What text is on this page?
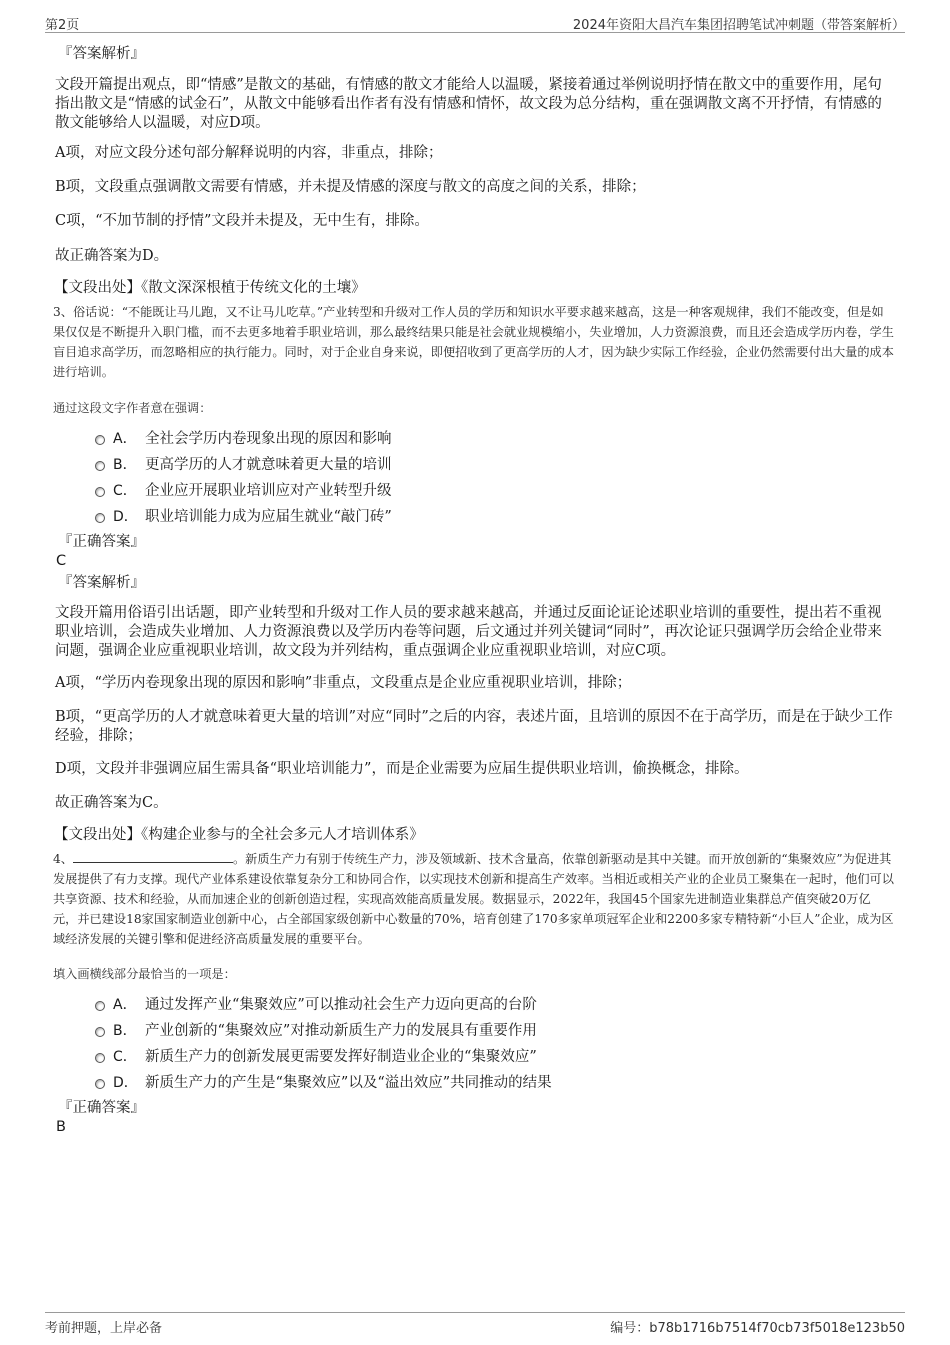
第2页	2024年资阳大昌汽车集团招聘笔试冲刺题（带答案解析）
『答案解析』

文段开篇提出观点，即“情感”是散文的基础，有情感的散文才能给人以温暖，紧接着通过举例说明抒情在散文中的重要作用，尾句指出散文是“情感的试金石”，从散文中能够看出作者有没有情感和情怀，故文段为总分结构，重在强调散文离不开抒情，有情感的散文能够给人以温暖，对应D项。

A项，对应文段分述句部分解释说明的内容，非重点，排除；

B项，文段重点强调散文需要有情感，并未提及情感的深度与散文的高度之间的关系，排除；

C项，“不加节制的抒情”文段并未提及，无中生有，排除。

故正确答案为D。

【文段出处】《散文深深根植于传统文化的土壤》
3、俗话说：“不能既让马儿跑，又不让马儿吃草。”产业转型和升级对工作人员的学历和知识水平要求越来越高，这是一种客观规律，我们不能改变，但是如果仅仅是不断提升入职门槛，而不去更多地着手职业培训，那么最终结果只能是社会就业规模缩小，失业增加，人力资源浪费，而且还会造成学历内卷，学生盲目追求高学历，而忽略相应的执行能力。同时，对于企业自身来说，即便招收到了更高学历的人才，因为缺少实际工作经验，企业仍然需要付出大量的成本进行培训。
通过这段文字作者意在强调：
A． 全社会学历内卷现象出现的原因和影响
B． 更高学历的人才就意味着更大量的培训
C． 企业应开展职业培训应对产业转型升级
D． 职业培训能力成为应届生就业“敲门砖”
『正确答案』
C
『答案解析』

文段开篇用俗语引出话题，即产业转型和升级对工作人员的要求越来越高，并通过反面论证论述职业培训的重要性，提出若不重视职业培训，会造成失业增加、人力资源浪费以及学历内卷等问题，后文通过并列关键词“同时”，再次论证只强调学历会给企业带来问题，强调企业应重视职业培训，故文段为并列结构，重点强调企业应重视职业培训，对应C项。

A项，“学历内卷现象出现的原因和影响”非重点，文段重点是企业应重视职业培训，排除；

B项，“更高学历的人才就意味着更大量的培训”对应“同时”之后的内容，表述片面，且培训的原因不在于高学历，而是在于缺少工作经验，排除；

D项，文段并非强调应届生需具备“职业培训能力”，而是企业需要为应届生提供职业培训，偷换概念，排除。

故正确答案为C。

【文段出处】《构建企业参与的全社会多元人才培训体系》
4、	。新质生产力有别于传统生产力，涉及领域新、技术含量高，依靠创新驱动是其中关键。而开放创新的“集聚效应”为促进其发展提供了有力支撑。现代产业体系建设依靠复杂分工和协同合作，以实现技术创新和提高生产效率。当相近或相关产业的企业员工聚集在一起时，他们可以共享资源、技术和经验，从而加速企业的创新创造过程，实现高效能高质量发展。数据显示，2022年，我国45个国家先进制造业集群总产值突破20万亿元，并已建设18家国家制造业创新中心，占全部国家级创新中心数量的70%，培育创建了170多家单项冠军企业和2200多家专精特新“小巨人”企业，成为区域经济发展的关键引擎和促进经济高质量发展的重要平台。
填入画横线部分最恰当的一项是：
A． 通过发挥产业“集聚效应”可以推动社会生产力迈向更高的台阶
B． 产业创新的“集聚效应”对推动新质生产力的发展具有重要作用
C． 新质生产力的创新发展更需要发挥好制造业企业的“集聚效应”
D． 新质生产力的产生是“集聚效应”以及“溢出效应”共同推动的结果
『正确答案』
B
考前押题，上岸必备	编号：b78b1716b7514f70cb73f5018e123b50
